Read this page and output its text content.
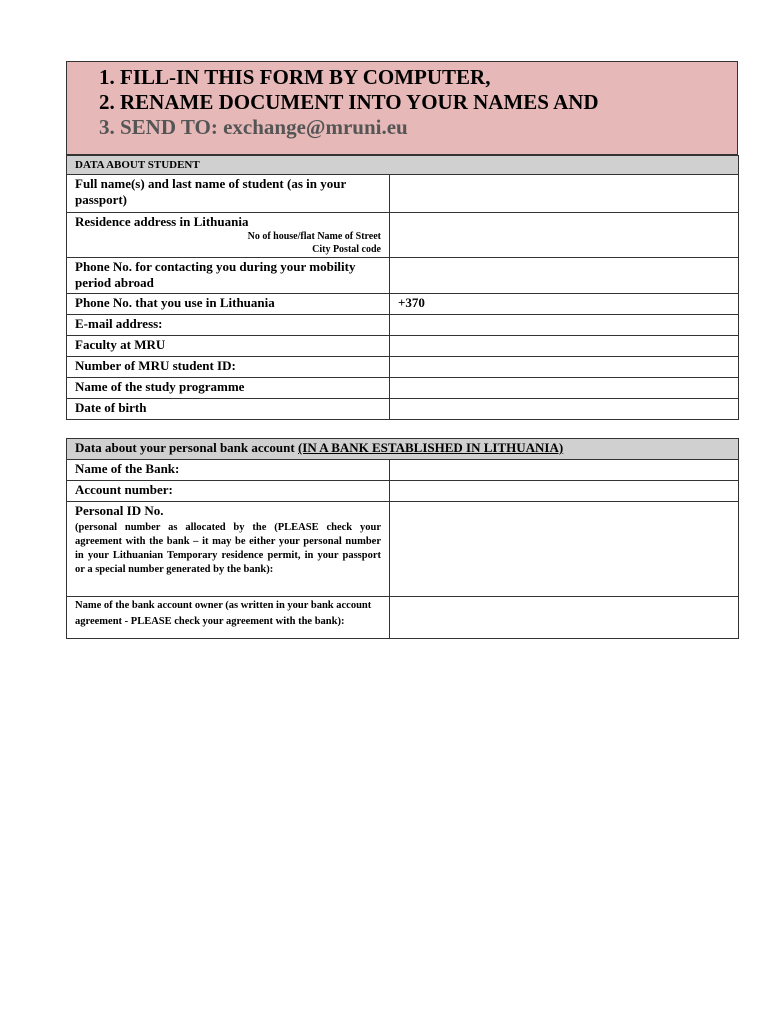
1. FILL-IN THIS FORM BY COMPUTER,
2. RENAME DOCUMENT INTO YOUR NAMES AND
3. SEND TO: exchange@mruni.eu
DATA ABOUT STUDENT	
Full name(s) and last name of student (as in your passport)	
Residence address in Lithuania
No of house/flat Name of Street
City Postal code	

Phone No. for contacting you during your mobility period abroad	
Phone No. that you use in Lithuania	+370
E-mail address:	
Faculty at MRU	
Number of MRU student ID:	
Name of the study programme	
Date of birth	
Data about your personal bank account (IN A BANK ESTABLISHED IN LITHUANIA)	
Name of the Bank:	
Account number:	
Personal ID No.
(personal number as allocated by the (PLEASE check your agreement with the bank – it may be either your personal number in your Lithuanian Temporary residence permit, in your passport or a special number generated by the bank):	

Name of the bank account owner (as written in your bank account agreement - PLEASE check your agreement with the bank):	
